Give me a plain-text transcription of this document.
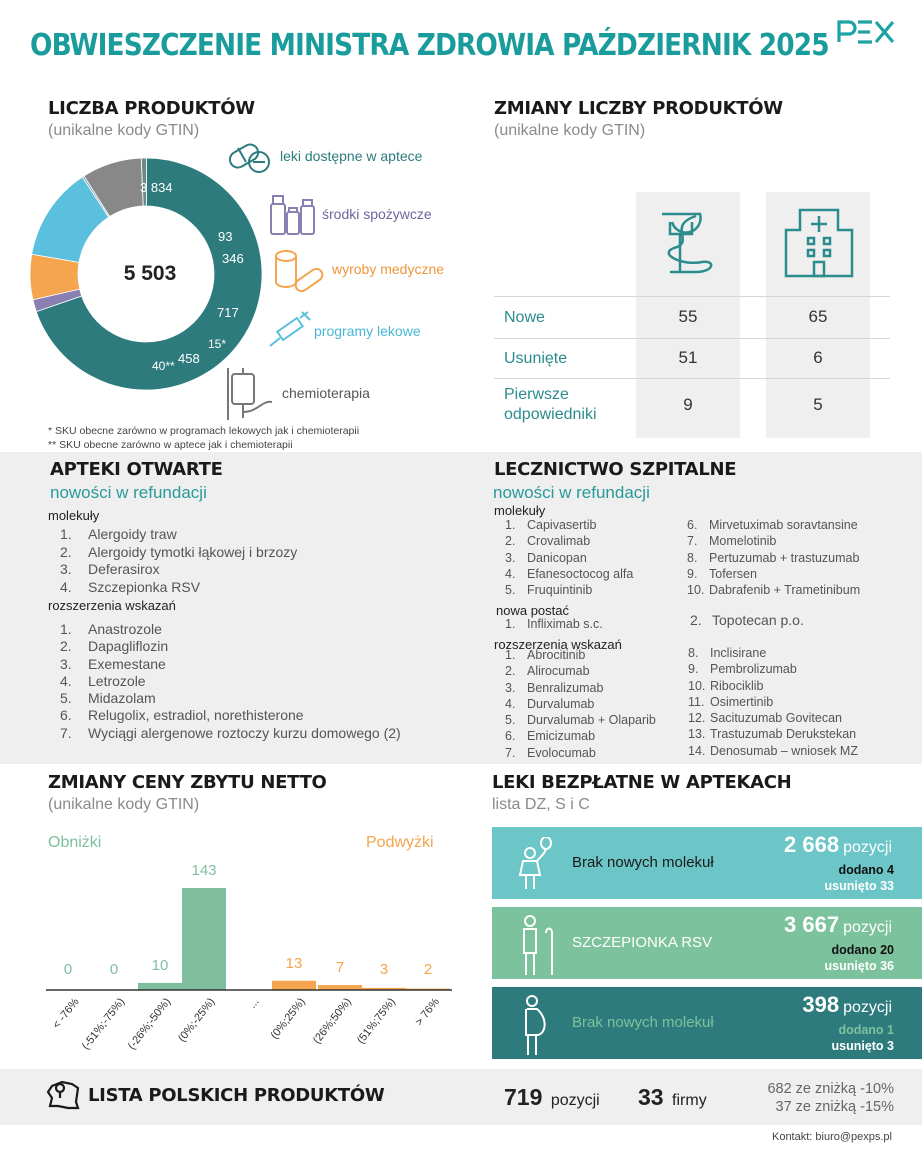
OBWIESZCZENIE MINISTRA ZDROWIA PAŹDZIERNIK 2025
LICZBA PRODUKTÓW
(unikalne kody GTIN)
5 503
3 834
93
346
717
15*
458
40**
leki dostępne w aptece
środki spożywcze
wyroby medyczne
programy lekowe
chemioterapia
* SKU obecne zarówno w programach lekowych jak i chemioterapii
** SKU obecne zarówno w aptece jak i chemioterapii
ZMIANY LICZBY PRODUKTÓW
(unikalne kody GTIN)
Nowe	55	65
Usunięte	51	6
Pierwsze
odpowiedniki
9	5
APTEKI OTWARTE
nowości w refundacji
molekuły
1. Alergoidy traw
2. Alergoidy tymotki łąkowej i brzozy
3. Deferasirox
4. Szczepionka RSV
rozszerzenia wskazań
1. Anastrozole
2. Dapagliflozin
3. Exemestane
4. Letrozole
5. Midazolam
6. Relugolix, estradiol, norethisterone
7. Wyciągi alergenowe roztoczy kurzu domowego (2)
LECZNICTWO SZPITALNE
nowości w refundacji
molekuły
1. Capivasertib
2. Crovalimab
3. Danicopan
4. Efanesoctocog alfa
5. Fruquintinib
6. Mirvetuximab soravtansine
7. Momelotinib
8. Pertuzumab + trastuzumab
9. Tofersen
10. Dabrafenib + Trametinibum
nowa postać
1. Infliximab s.c.	2. Topotecan p.o.
rozszerzenia wskazań
1. Abrocitinib
2. Alirocumab
3. Benralizumab
4. Durvalumab
5. Durvalumab + Olaparib
6. Emicizumab
7. Evolocumab
8. Inclisirane
9. Pembrolizumab
10. Ribociklib
11. Osimertinib
12. Sacituzumab Govitecan
13. Trastuzumab Derukstekan
14. Denosumab – wniosek MZ
ZMIANY CENY ZBYTU NETTO
(unikalne kody GTIN)
Obniżki	Podwyżki
0	0	10
143
13	7	3	2
< -76%
(-51%;-75%)
(-26%;-50%) (0%;-25%)	... (0%;25%) (26%;50%) (51%;75%) > 76%
LEKI BEZPŁATNE W APTEKACH
lista DZ, S i C
Brak nowych molekuł
2 668 pozycji
dodano 4
usunięto 33
SZCZEPIONKA RSV
3 667 pozycji
dodano 20
usunięto 36
Brak nowych molekuł
398 pozycji
dodano 1
usunięto 3
LISTA POLSKICH PRODUKTÓW	719 pozycji 33 firmy
682 ze zniżką -10%
37 ze zniżką -15%
Kontakt: biuro@pexps.pl
